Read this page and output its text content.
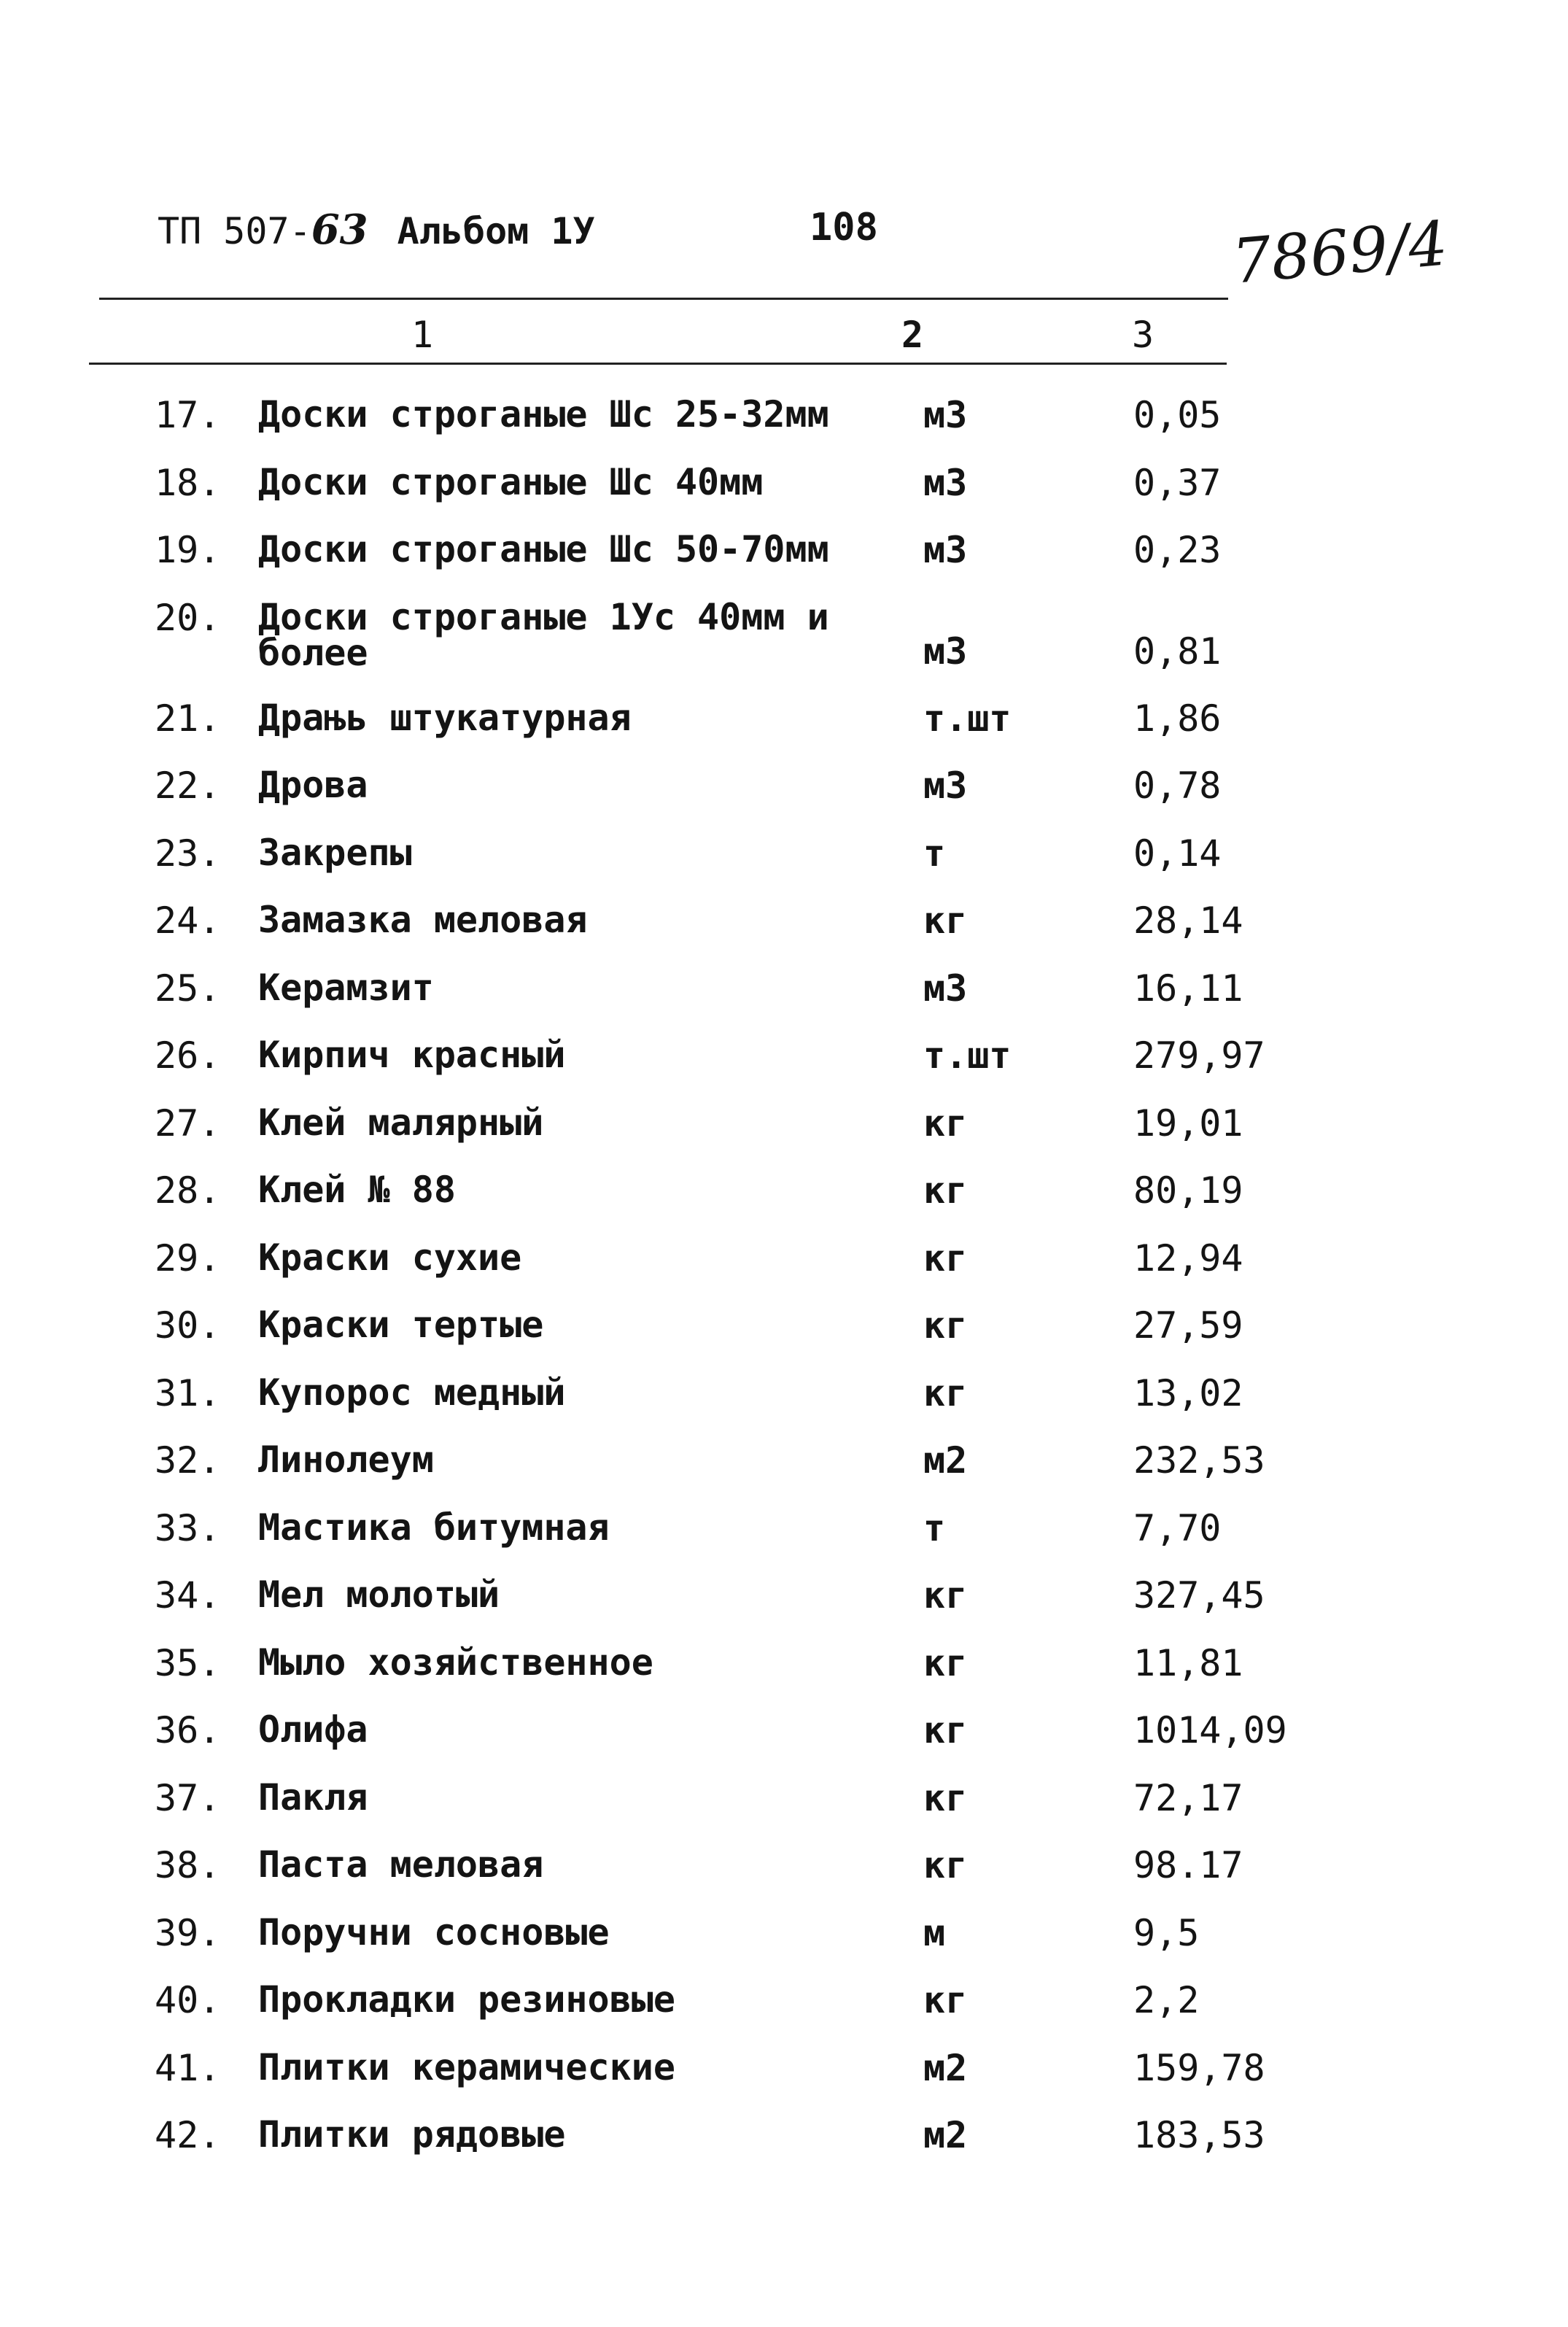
ТП 507-63 Альбом 1У	108	7869/4
1	2	3
17. Доски строганые Шс 25-32мм	м3	0,05
18. Доски строганые Шс 40мм	м3	0,37
19. Доски строганые Шс 50-70мм	м3	0,23
20. Доски строганые 1Ус 40мм и более	м3	0,81
21. Драњь штукатурная	т.шт	1,86
22. Дрова	м3	0,78
23. Закрепы	т	0,14
24. Замазка меловая	кг	28,14
25. Керамзит	м3	16,11
26. Кирпич красный	т.шт	279,97
27. Клей малярный	кг	19,01
28. Клей № 88	кг	80,19
29. Краски сухие	кг	12,94
30. Краски тертые	кг	27,59
31. Купорос медный	кг	13,02
32. Линолеум	м2	232,53
33. Мастика битумная	т	7,70
34. Мел молотый	кг	327,45
35. Мыло хозяйственное	кг	11,81
36. Олифа	кг	1014,09
37. Пакля	кг	72,17
38. Паста меловая	кг	98.17
39. Поручни сосновые	м	9,5
40. Прокладки резиновые	кг	2,2
41. Плитки керамические	м2	159,78
42. Плитки рядовые	м2	183,53
